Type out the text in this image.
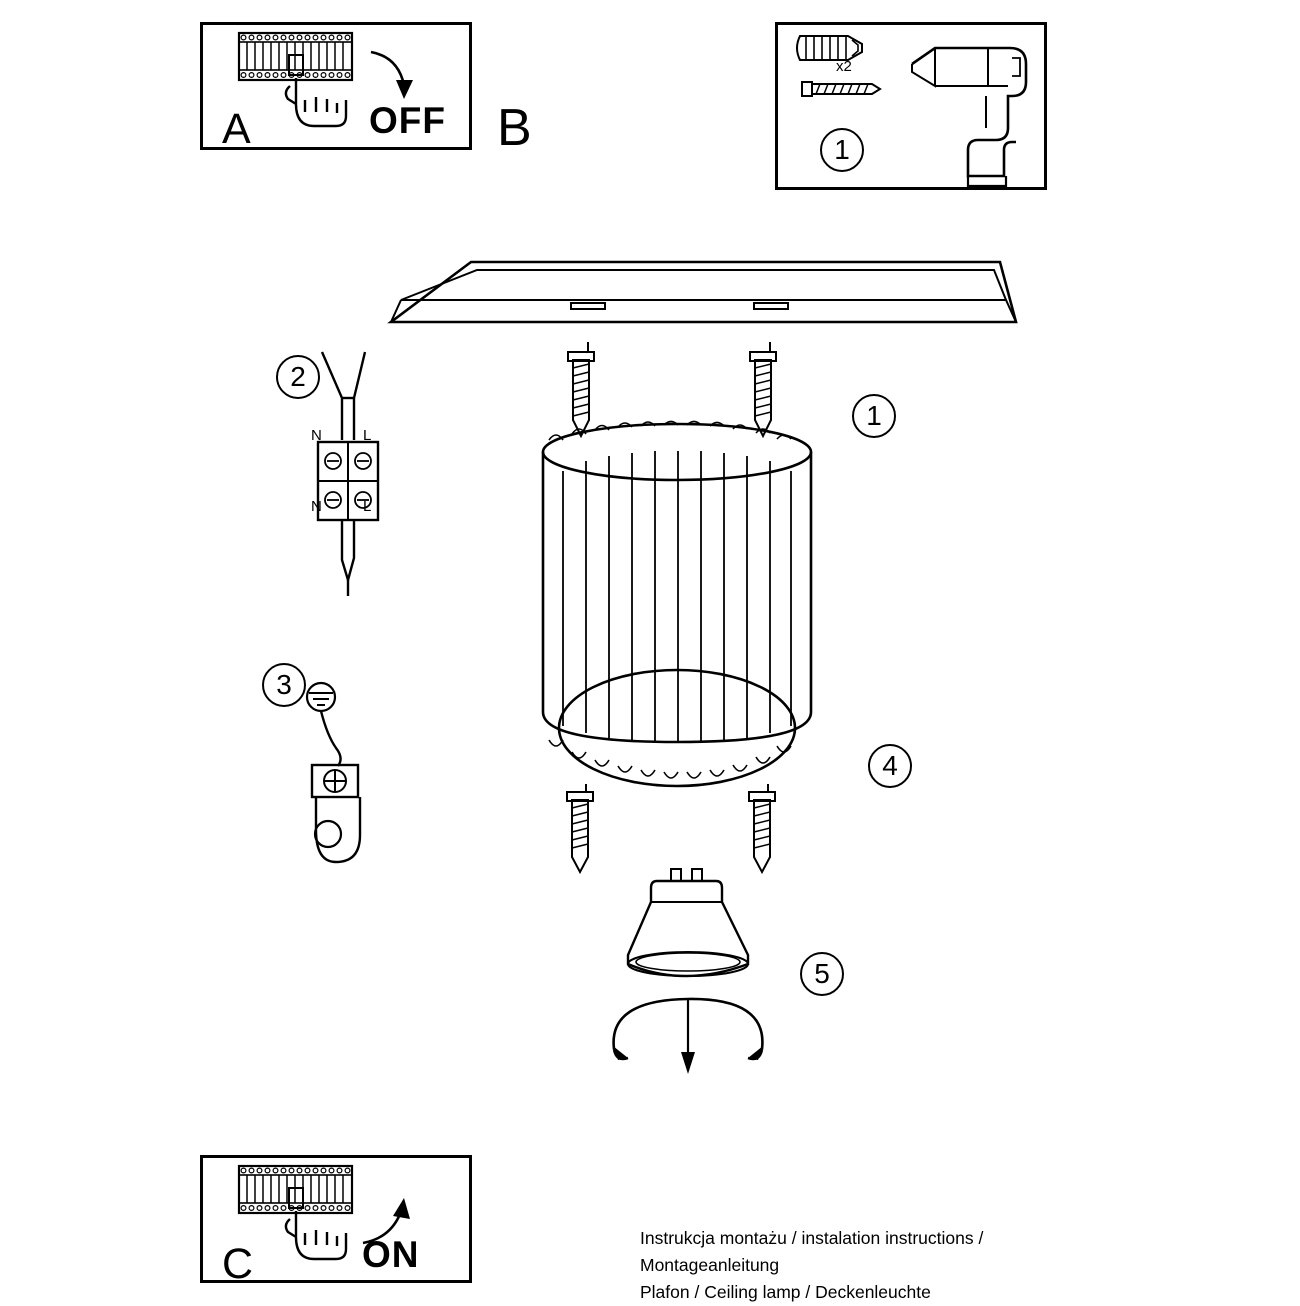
A	B
C
OFF
ON
x2
1
1
2
3
4
5
N	L
N	L
Instrukcja montażu / instalation instructions / Montageanleitung
Plafon / Ceiling lamp / Deckenleuchte
